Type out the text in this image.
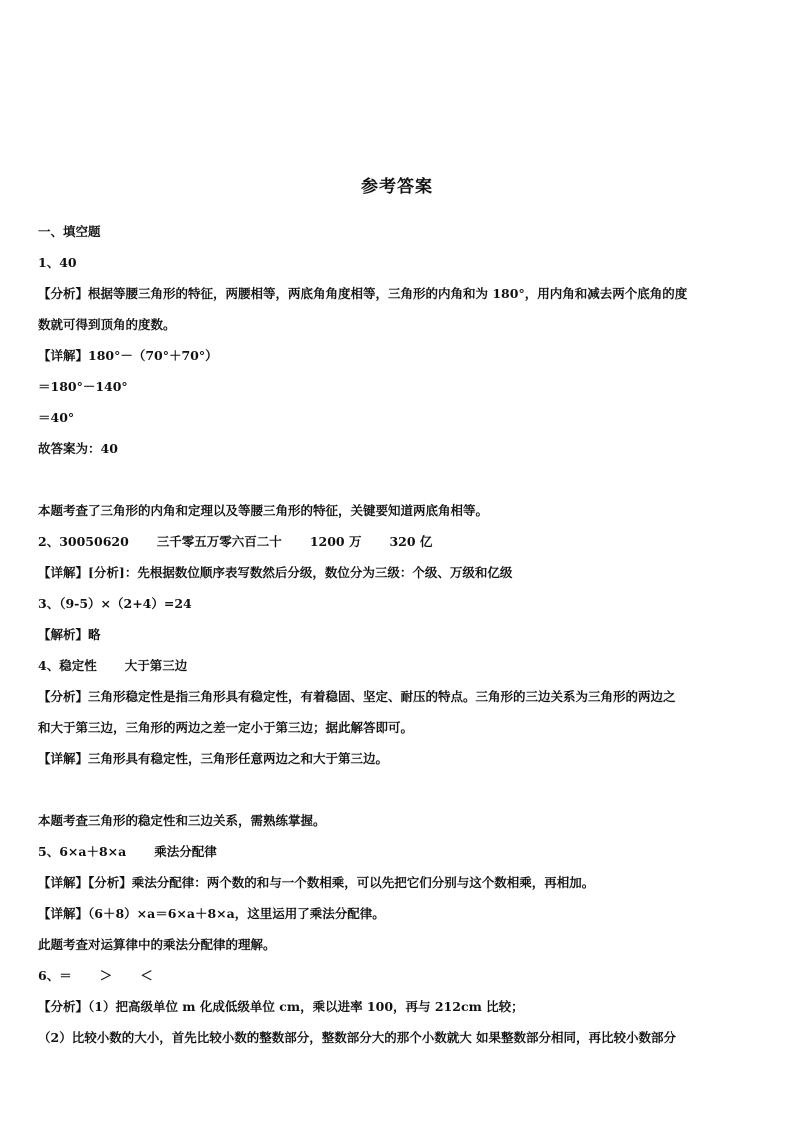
参考答案
一、填空题
1、40
【分析】根据等腰三角形的特征，两腰相等，两底角角度相等，三角形的内角和为 180°，用内角和减去两个底角的度
数就可得到顶角的度数。
【详解】180°－（70°＋70°）
＝180°－140°
＝40°
故答案为：40
本题考查了三角形的内角和定理以及等腰三角形的特征，关键要知道两底角相等。
2、30050620 三千零五万零六百二十 1200 万 320 亿
【详解】[分析]：先根据数位顺序表写数然后分级，数位分为三级：个级、万级和亿级
3、（9-5）×（2+4）=24
【解析】略
4、稳定性 大于第三边
【分析】三角形稳定性是指三角形具有稳定性，有着稳固、坚定、耐压的特点。三角形的三边关系为三角形的两边之
和大于第三边，三角形的两边之差一定小于第三边；据此解答即可。
【详解】三角形具有稳定性，三角形任意两边之和大于第三边。
本题考查三角形的稳定性和三边关系，需熟练掌握。
5、6×a＋8×a 乘法分配律
【详解】【分析】乘法分配律：两个数的和与一个数相乘，可以先把它们分别与这个数相乘，再相加。
【详解】（6＋8）×a＝6×a＋8×a，这里运用了乘法分配律。
此题考查对运算律中的乘法分配律的理解。
6、＝ ＞ ＜
【分析】（1）把高级单位 m 化成低级单位 cm，乘以进率 100，再与 212cm 比较；
（2）比较小数的大小，首先比较小数的整数部分，整数部分大的那个小数就大 如果整数部分相同，再比较小数部分
